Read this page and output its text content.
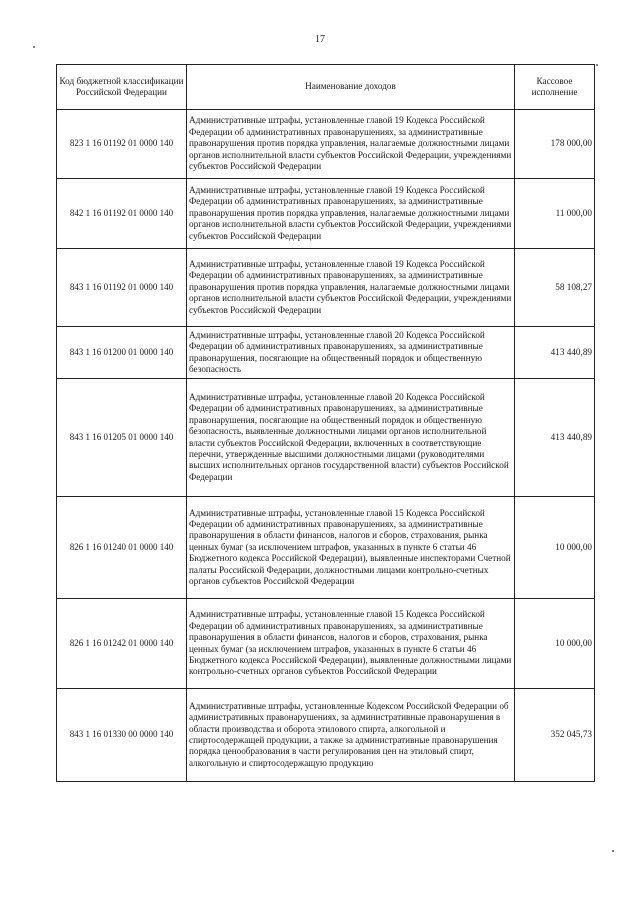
17
Код бюджетной классификации Российской Федерации	Наименование доходов	Кассовое исполнение
823 1 16 01192 01 0000 140	Административные штрафы, установленные главой 19 Кодекса Российской Федерации об административных правонарушениях, за административные правонарушения против порядка управления, налагаемые должностными лицами органов исполнительной власти субъектов Российской Федерации, учреждениями субъектов Российской Федерации	178 000,00
842 1 16 01192 01 0000 140	Административные штрафы, установленные главой 19 Кодекса Российской Федерации об административных правонарушениях, за административные правонарушения против порядка управления, налагаемые должностными лицами органов исполнительной власти субъектов Российской Федерации, учреждениями субъектов Российской Федерации	11 000,00
843 1 16 01192 01 0000 140	Административные штрафы, установленные главой 19 Кодекса Российской Федерации об административных правонарушениях, за административные правонарушения против порядка управления, налагаемые должностными лицами органов исполнительной власти субъектов Российской Федерации, учреждениями субъектов Российской Федерации	58 108,27
843 1 16 01200 01 0000 140	Административные штрафы, установленные главой 20 Кодекса Российской Федерации об административных правонарушениях, за административные правонарушения, посягающие на общественный порядок и общественную безопасность	413 440,89
843 1 16 01205 01 0000 140	Административные штрафы, установленные главой 20 Кодекса Российской Федерации об административных правонарушениях, за административные правонарушения, посягающие на общественный порядок и общественную безопасность, выявленные должностными лицами органов исполнительной власти субъектов Российской Федерации, включенных в соответствующие перечни, утвержденные высшими должностными лицами (руководителями высших исполнительных органов государственной власти) субъектов Российской Федерации	413 440,89
826 1 16 01240 01 0000 140	Административные штрафы, установленные главой 15 Кодекса Российской Федерации об административных правонарушениях, за административные правонарушения в области финансов, налогов и сборов, страхования, рынка ценных бумаг (за исключением штрафов, указанных в пункте 6 статьи 46 Бюджетного кодекса Российской Федерации), выявленные инспекторами Счетной палаты Российской Федерации, должностными лицами контрольно-счетных органов субъектов Российской Федерации	10 000,00
826 1 16 01242 01 0000 140	Административные штрафы, установленные главой 15 Кодекса Российской Федерации об административных правонарушениях, за административные правонарушения в области финансов, налогов и сборов, страхования, рынка ценных бумаг (за исключением штрафов, указанных в пункте 6 статьи 46 Бюджетного кодекса Российской Федерации), выявленные должностными лицами контрольно-счетных органов субъектов Российской Федерации	10 000,00
843 1 16 01330 00 0000 140	Административные штрафы, установленные Кодексом Российской Федерации об административных правонарушениях, за административные правонарушения в области производства и оборота этилового спирта, алкогольной и спиртосодержащей продукции, а также за административные правонарушения порядка ценообразования в части регулирования цен на этиловый спирт, алкогольную и спиртосодержащую продукцию	352 045,73
